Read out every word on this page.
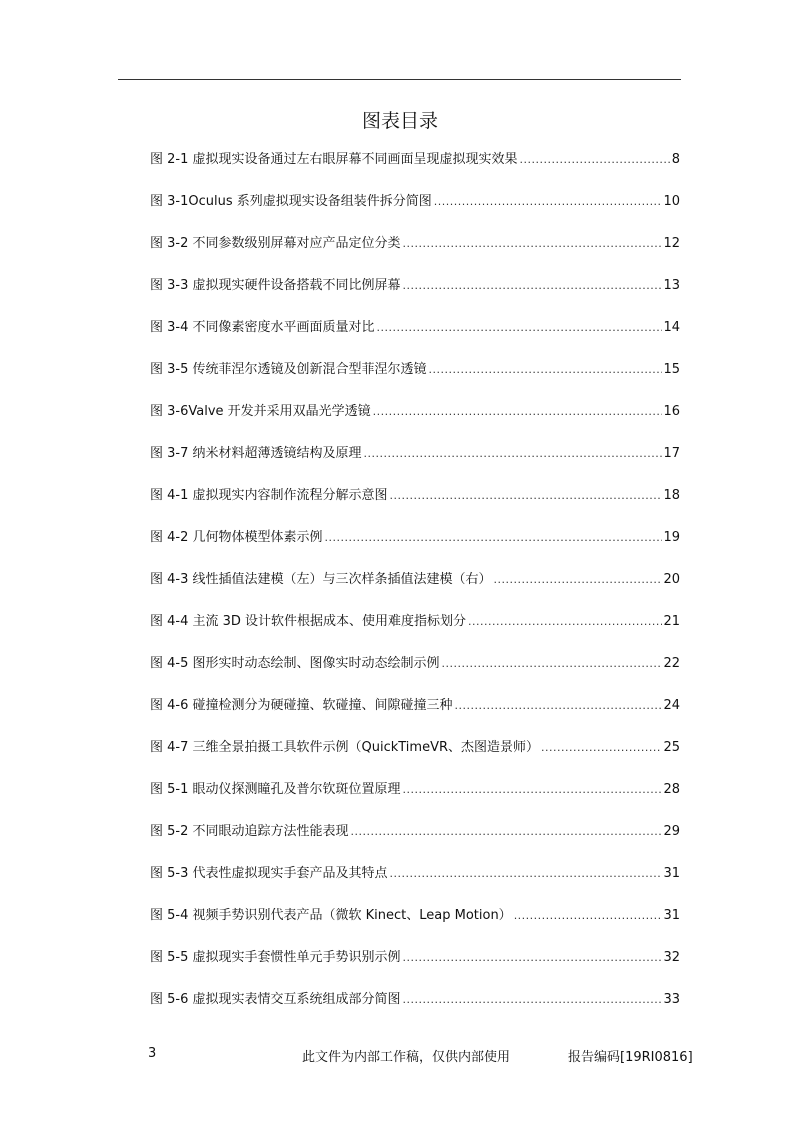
图表目录
图 2-1 虚拟现实设备通过左右眼屏幕不同画面呈现虚拟现实效果 .....	8
图 3-1Oculus 系列虚拟现实设备组装件拆分简图 .....	10
图 3-2 不同参数级别屏幕对应产品定位分类 .....	12
图 3-3 虚拟现实硬件设备搭载不同比例屏幕 .....	13
图 3-4 不同像素密度水平画面质量对比 .....	14
图 3-5 传统菲涅尔透镜及创新混合型菲涅尔透镜 .....	15
图 3-6Valve 开发并采用双晶光学透镜 .....	16
图 3-7 纳米材料超薄透镜结构及原理 .....	17
图 4-1 虚拟现实内容制作流程分解示意图 .....	18
图 4-2 几何物体模型体素示例 .....	19
图 4-3 线性插值法建模（左）与三次样条插值法建模（右） .....	20
图 4-4 主流 3D 设计软件根据成本、使用难度指标划分 .....	21
图 4-5 图形实时动态绘制、图像实时动态绘制示例 .....	22
图 4-6 碰撞检测分为硬碰撞、软碰撞、间隙碰撞三种 .....	24
图 4-7 三维全景拍摄工具软件示例（QuickTimeVR、杰图造景师） .....	25
图 5-1 眼动仪探测瞳孔及普尔钦斑位置原理 .....	28
图 5-2 不同眼动追踪方法性能表现 .....	29
图 5-3 代表性虚拟现实手套产品及其特点 .....	31
图 5-4 视频手势识别代表产品（微软 Kinect、Leap Motion） .....	31
图 5-5 虚拟现实手套惯性单元手势识别示例 .....	32
图 5-6 虚拟现实表情交互系统组成部分简图 .....	33
3	此文件为内部工作稿，仅供内部使用	报告编码[19RI0816]
